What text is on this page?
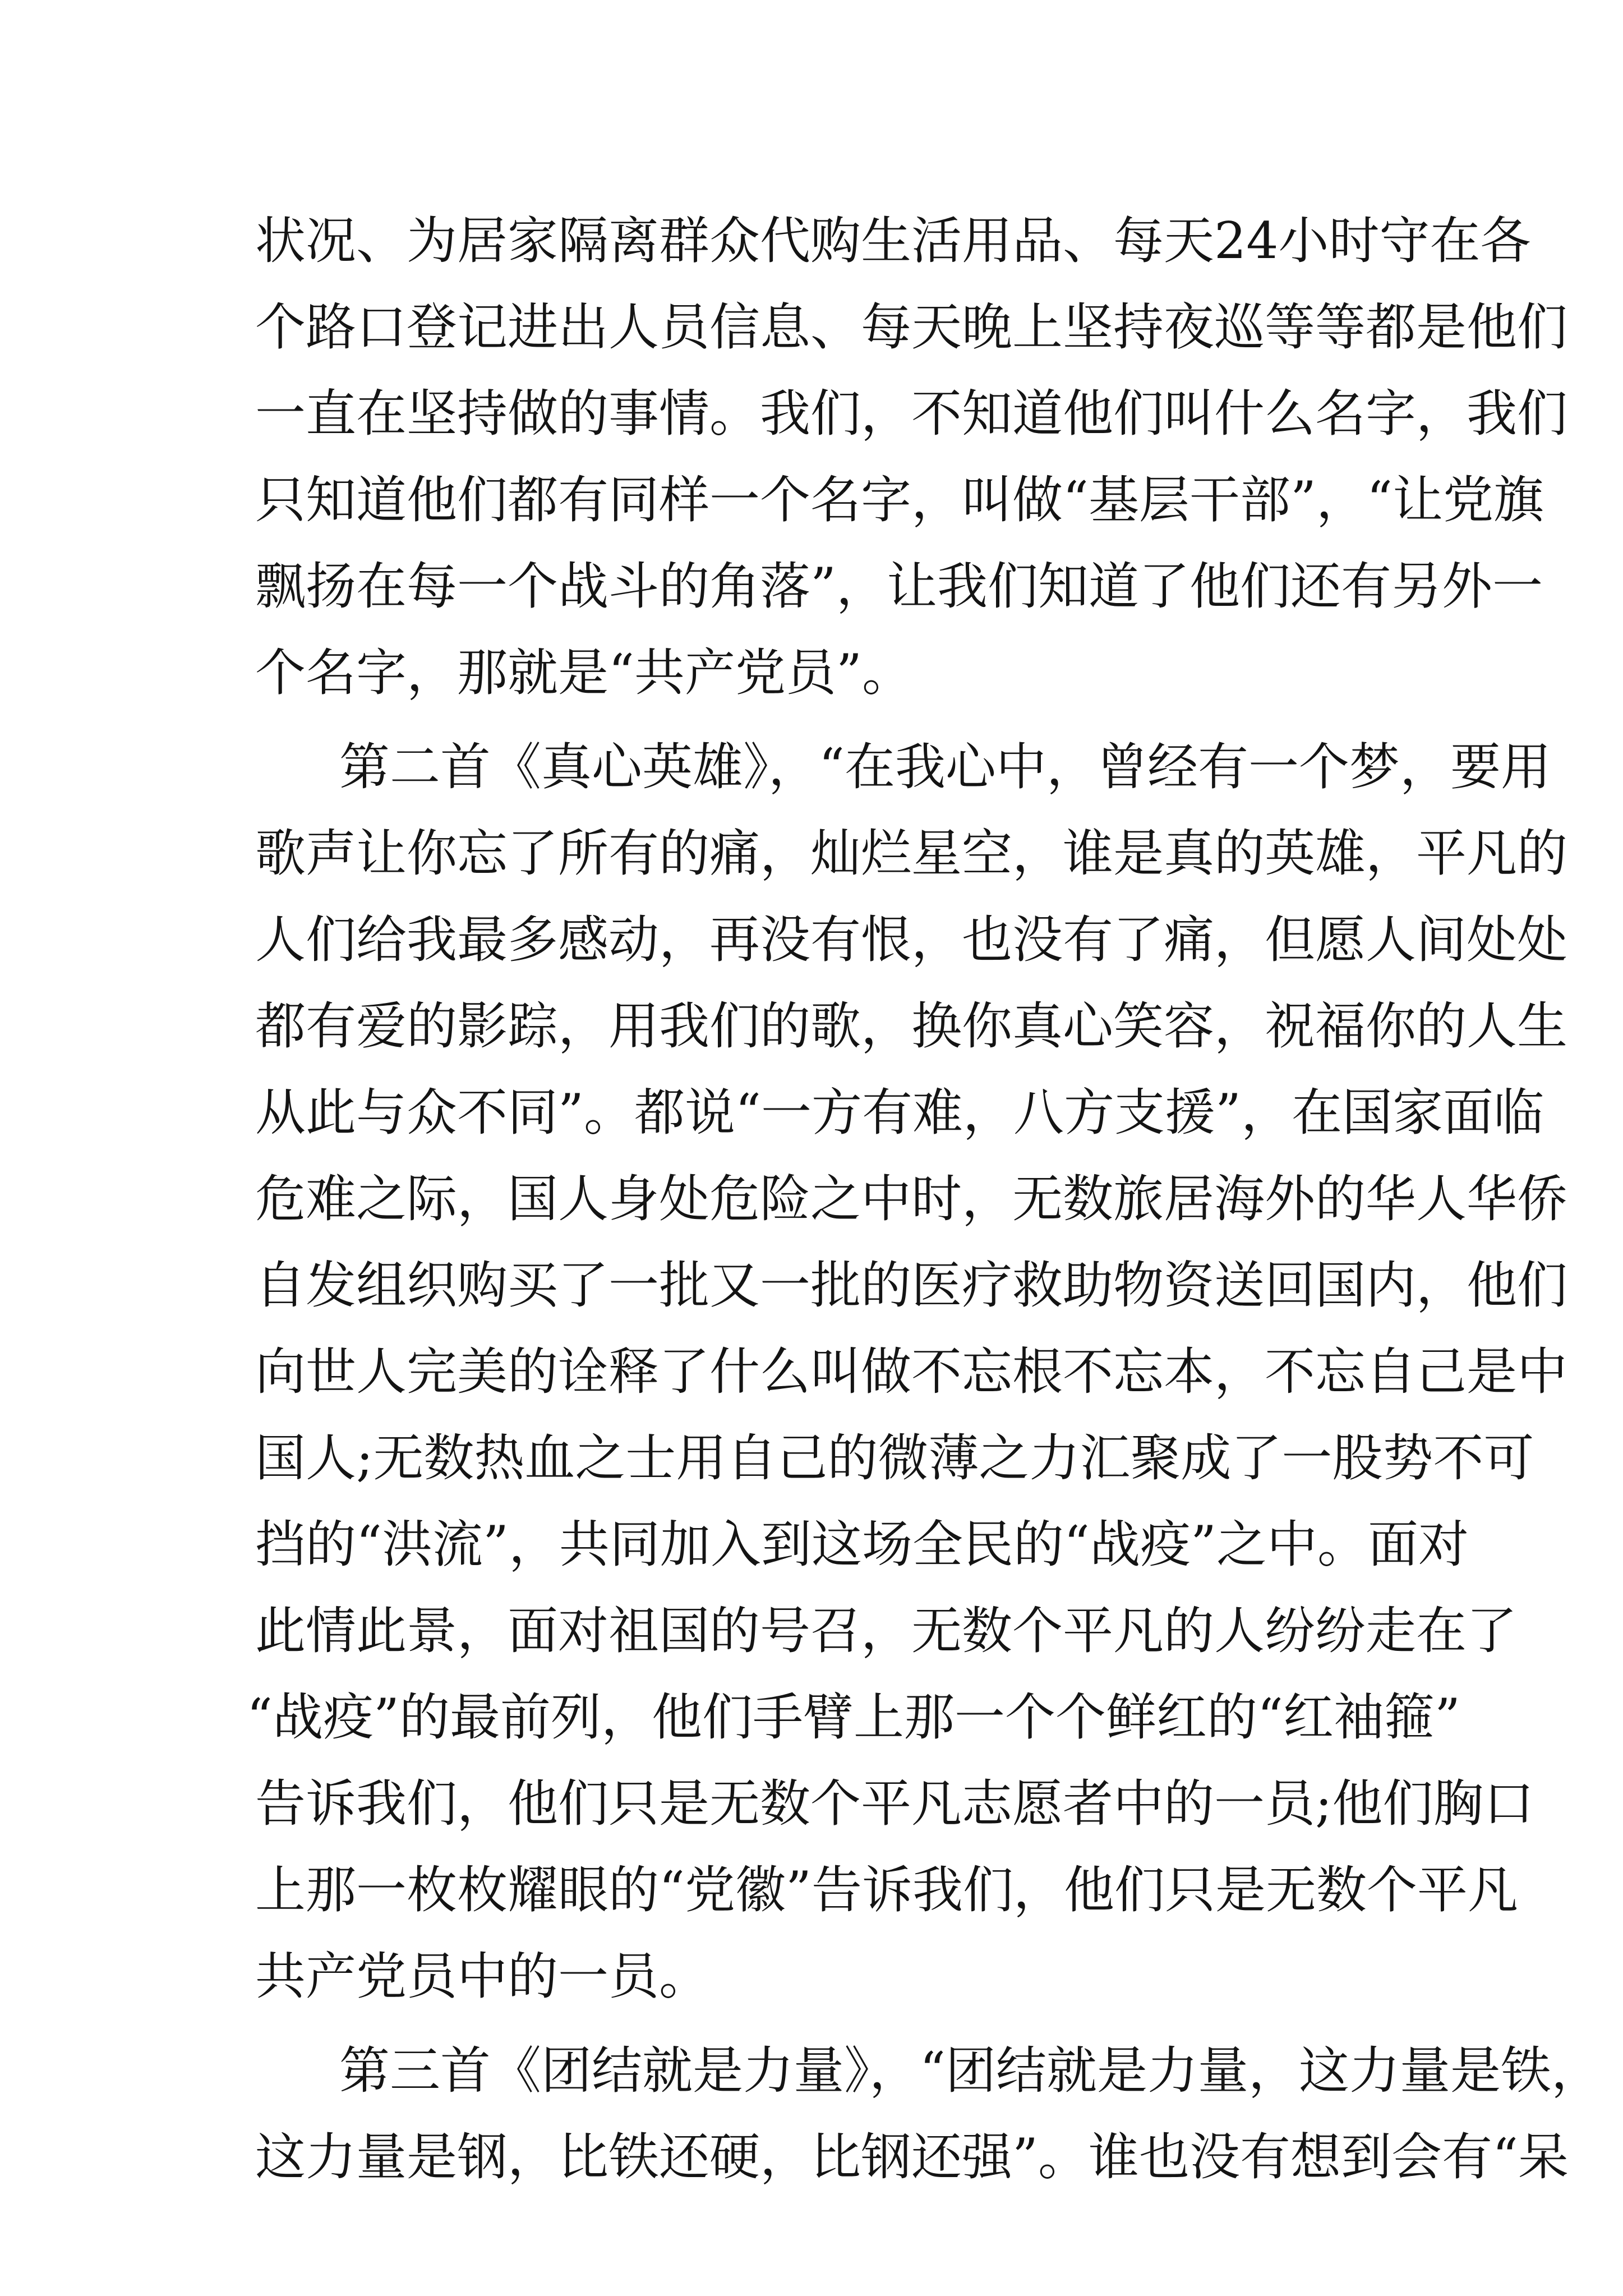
状况、为居家隔离群众代购生活用品、每天24小时守在各
个路口登记进出人员信息、每天晚上坚持夜巡等等都是他们
一直在坚持做的事情。我们，不知道他们叫什么名字，我们
只知道他们都有同样一个名字，叫做“基层干部”，“让党旗
飘扬在每一个战斗的角落”，让我们知道了他们还有另外一
个名字，那就是“共产党员”。
第二首《真心英雄》，“在我心中，曾经有一个梦，要用
歌声让你忘了所有的痛，灿烂星空，谁是真的英雄，平凡的
人们给我最多感动，再没有恨，也没有了痛，但愿人间处处
都有爱的影踪，用我们的歌，换你真心笑容，祝福你的人生
从此与众不同”。都说“一方有难，八方支援”，在国家面临
危难之际，国人身处危险之中时，无数旅居海外的华人华侨
自发组织购买了一批又一批的医疗救助物资送回国内，他们
向世人完美的诠释了什么叫做不忘根不忘本，不忘自己是中
国人;无数热血之士用自己的微薄之力汇聚成了一股势不可
挡的“洪流”，共同加入到这场全民的“战疫”之中。面对
此情此景，面对祖国的号召，无数个平凡的人纷纷走在了
“战疫”的最前列，他们手臂上那一个个鲜红的“红袖箍”
告诉我们，他们只是无数个平凡志愿者中的一员;他们胸口
上那一枚枚耀眼的“党徽”告诉我们，他们只是无数个平凡
共产党员中的一员。
第三首《团结就是力量》，“团结就是力量，这力量是铁，
这力量是钢，比铁还硬，比钢还强”。谁也没有想到会有“呆
